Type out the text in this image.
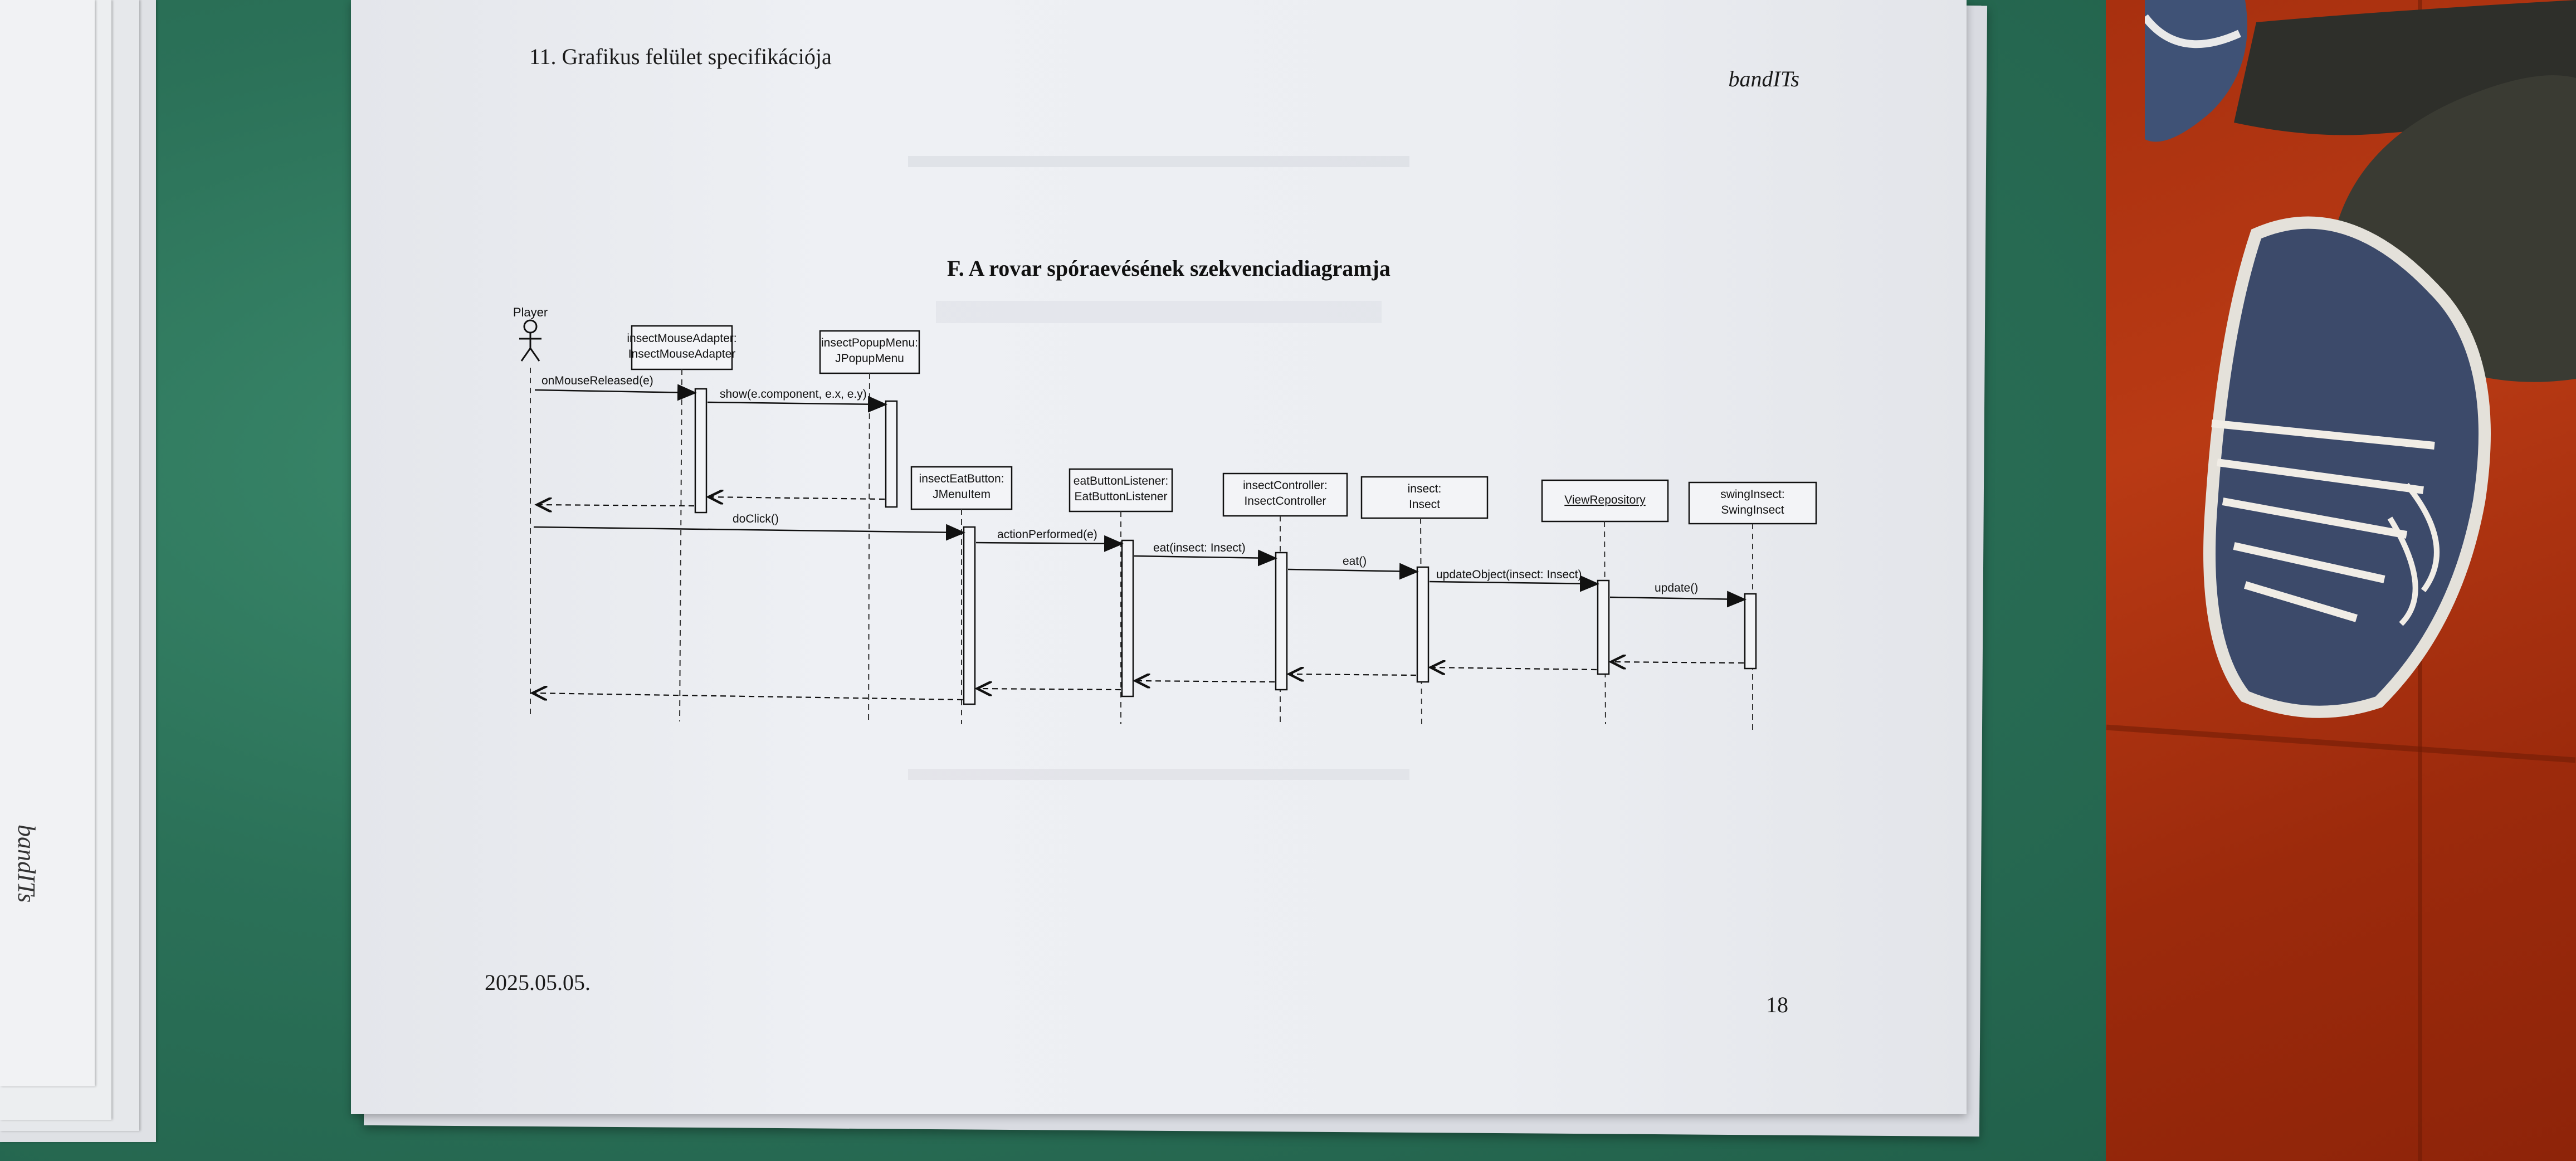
bandITs
11. Grafikus felület specifikációja
bandITs
F. A rovar spóraevésének szekvenciadiagramja
Player
insectMouseAdapter:
InsectMouseAdapter
insectPopupMenu:
JPopupMenu
insectEatButton:
JMenuItem
eatButtonListener:
EatButtonListener
insectController:
InsectController
insect:
Insect	ViewRepository	swingInsect:
SwingInsect
onMouseReleased(e)
show(e.component, e.x, e.y)
doClick()
actionPerformed(e)
eat(insect: Insect)
eat()
updateObject(insect: Insect)
update()
2025.05.05.
18
